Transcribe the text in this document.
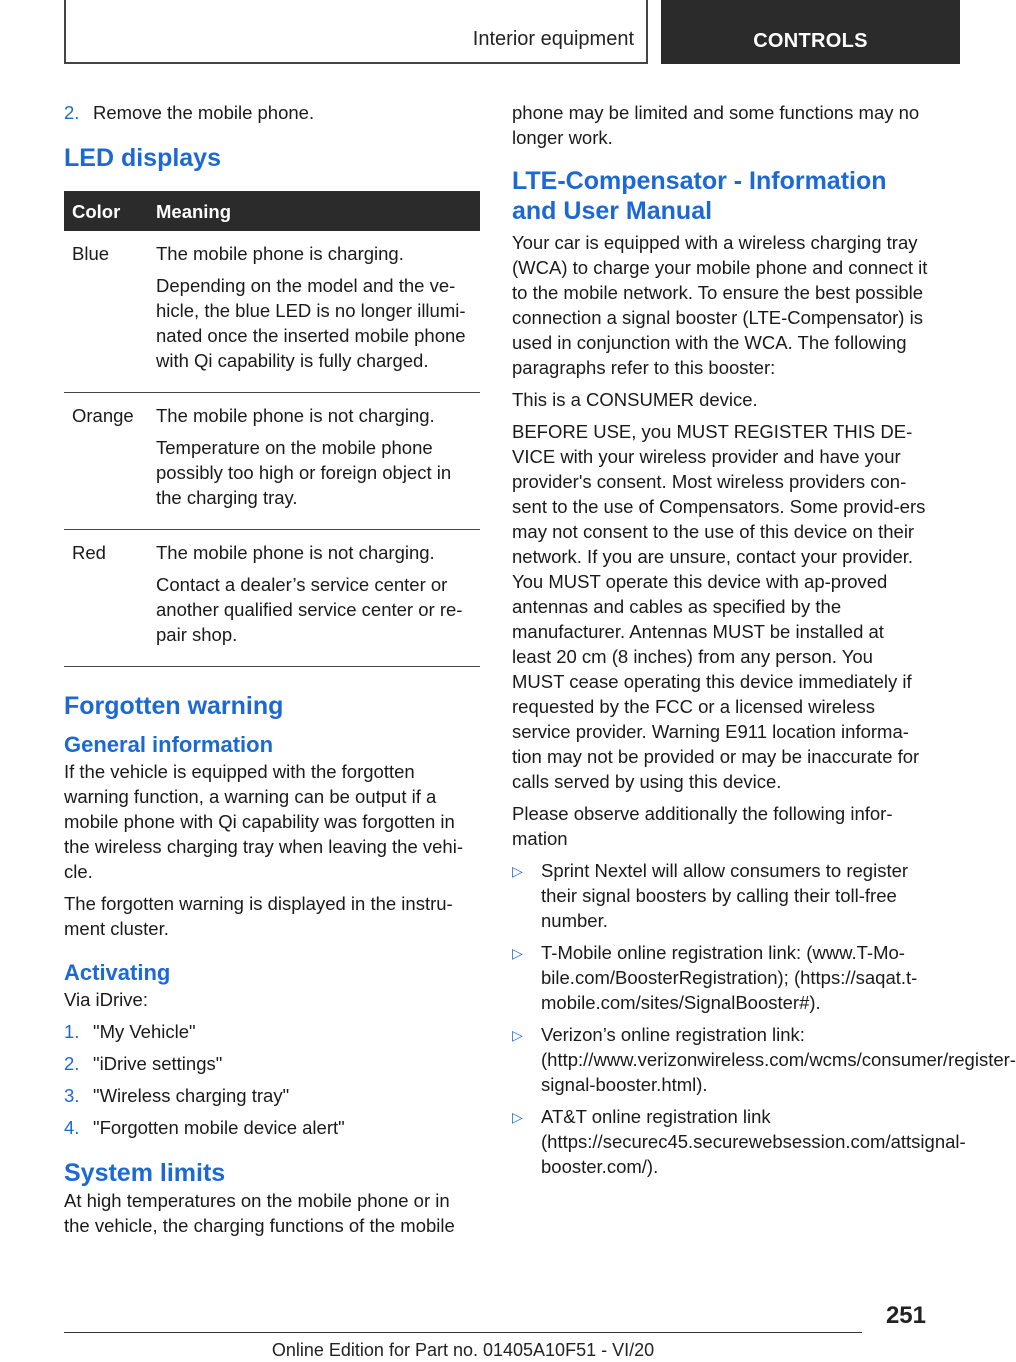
Interior equipment	CONTROLS
2. Remove the mobile phone.
LED displays
Color	Meaning
Blue	The mobile phone is charging.

Depending on the model and the ve-hicle, the blue LED is no longer illumi-nated once the inserted mobile phone with Qi capability is fully charged.

Orange	The mobile phone is not charging.

Temperature on the mobile phone possibly too high or foreign object in the charging tray.

Red	The mobile phone is not charging.

Contact a dealer’s service center or another qualified service center or re-pair shop.

Forgotten warning
General information

If the vehicle is equipped with the forgotten warning function, a warning can be output if a mobile phone with Qi capability was forgotten in the wireless charging tray when leaving the vehi-cle.

The forgotten warning is displayed in the instru-ment cluster.

Activating

Via iDrive:

1. "My Vehicle"
2. "iDrive settings"
3. "Wireless charging tray"
4. "Forgotten mobile device alert"
System limits

At high temperatures on the mobile phone or in the vehicle, the charging functions of the mobile

phone may be limited and some functions may no longer work.

LTE-Compensator - Information and User Manual

Your car is equipped with a wireless charging tray (WCA) to charge your mobile phone and connect it to the mobile network. To ensure the best possible connection a signal booster (LTE-Compensator) is used in conjunction with the WCA. The following paragraphs refer to this booster:

This is a CONSUMER device.

BEFORE USE, you MUST REGISTER THIS DE-VICE with your wireless provider and have your provider's consent. Most wireless providers con-sent to the use of Compensators. Some provid-ers may not consent to the use of this device on their network. If you are unsure, contact your provider. You MUST operate this device with ap-proved antennas and cables as specified by the manufacturer. Antennas MUST be installed at least 20 cm (8 inches) from any person. You MUST cease operating this device immediately if requested by the FCC or a licensed wireless service provider. Warning E911 location informa-tion may not be provided or may be inaccurate for calls served by using this device.

Please observe additionally the following infor-mation

▷ Sprint Nextel will allow consumers to register their signal boosters by calling their toll-free number.
▷ T-Mobile online registration link: (www.T-Mo-bile.com/BoosterRegistration); (https://saqat.t-mobile.com/sites/SignalBooster#).
▷ Verizon’s online registration link: (http://www.verizonwireless.com/wcms/consumer/register-signal-booster.html).
▷ AT&T online registration link (https://securec45.securewebsession.com/attsignal-booster.com/).
251
Online Edition for Part no. 01405A10F51 - VI/20
